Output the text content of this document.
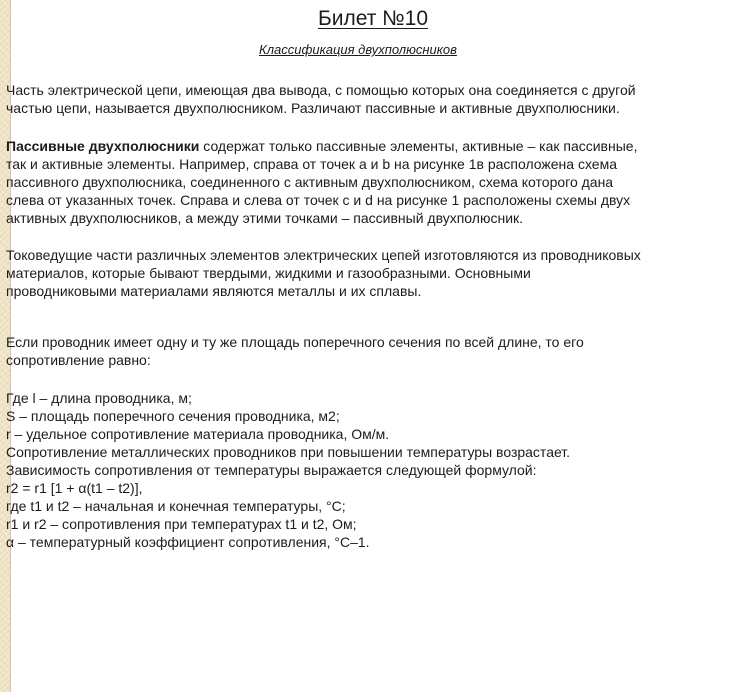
Билет №10
Классификация двухполюсников

Часть электрической цепи, имеющая два вывода, с помощью которых она соединяется с другой
частью цепи, называется двухполюсником. Различают пассивные и активные двухполюсники.

Пассивные двухполюсники содержат только пассивные элементы, активные – как пассивные,
так и активные элементы. Например, справа от точек a и b на рисунке 1в расположена схема
пассивного двухполюсника, соединенного с активным двухполюсником, схема которого дана
слева от указанных точек. Справа и слева от точек c и d на рисунке 1 расположены схемы двух
активных двухполюсников, а между этими точками – пассивный двухполюсник.

Токоведущие части различных элементов электрических цепей изготовляются из проводниковых
материалов, которые бывают твердыми, жидкими и газообразными. Основными
проводниковыми материалами являются металлы и их сплавы.

Если проводник имеет одну и ту же площадь поперечного сечения по всей длине, то его
сопротивление равно:

Где l – длина проводника, м;
S – площадь поперечного сечения проводника, м2;
r – удельное сопротивление материала проводника, Ом/м.
Сопротивление металлических проводников при повышении температуры возрастает.
Зависимость сопротивления от температуры выражается следующей формулой:
r2 = r1 [1 + α(t1 – t2)],
где t1 и t2 – начальная и конечная температуры, °C;
r1 и r2 – сопротивления при температурах t1 и t2, Ом;
α – температурный коэффициент сопротивления, °C–1.
